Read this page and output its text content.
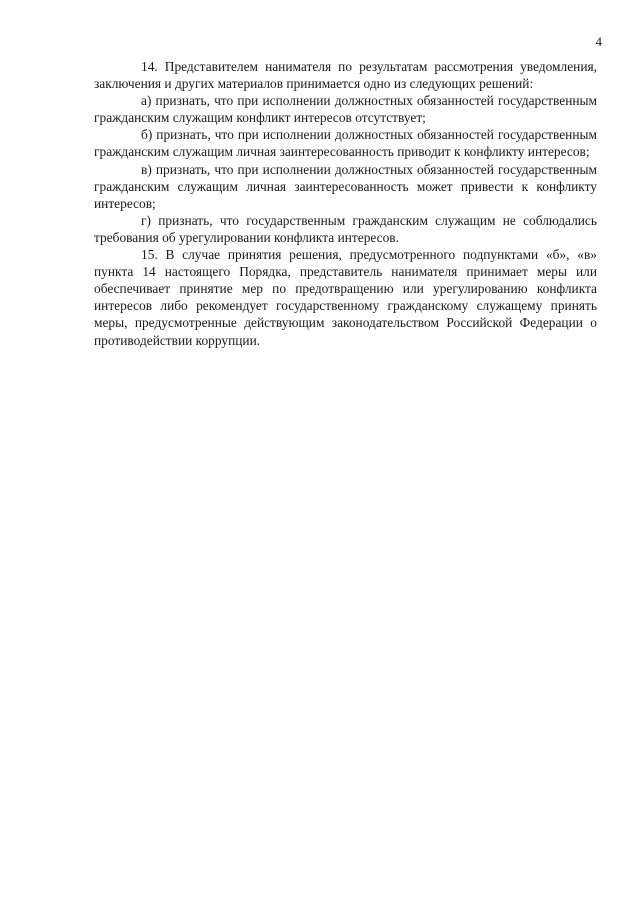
4

14. Представителем нанимателя по результатам рассмотрения уведомления, заключения и других материалов принимается одно из следующих решений:

а) признать, что при исполнении должностных обязанностей государственным гражданским служащим конфликт интересов отсутствует;

б) признать, что при исполнении должностных обязанностей государственным гражданским служащим личная заинтересованность приводит к конфликту интересов;

в) признать, что при исполнении должностных обязанностей государственным гражданским служащим личная заинтересованность может привести к конфликту интересов;

г) признать, что государственным гражданским служащим не соблюдались требования об урегулировании конфликта интересов.

15. В случае принятия решения, предусмотренного подпунктами «б», «в» пункта 14 настоящего Порядка, представитель нанимателя принимает меры или обеспечивает принятие мер по предотвращению или урегулированию конфликта интересов либо рекомендует государственному гражданскому служащему принять меры, предусмотренные действующим законодательством Российской Федерации о противодействии коррупции.
